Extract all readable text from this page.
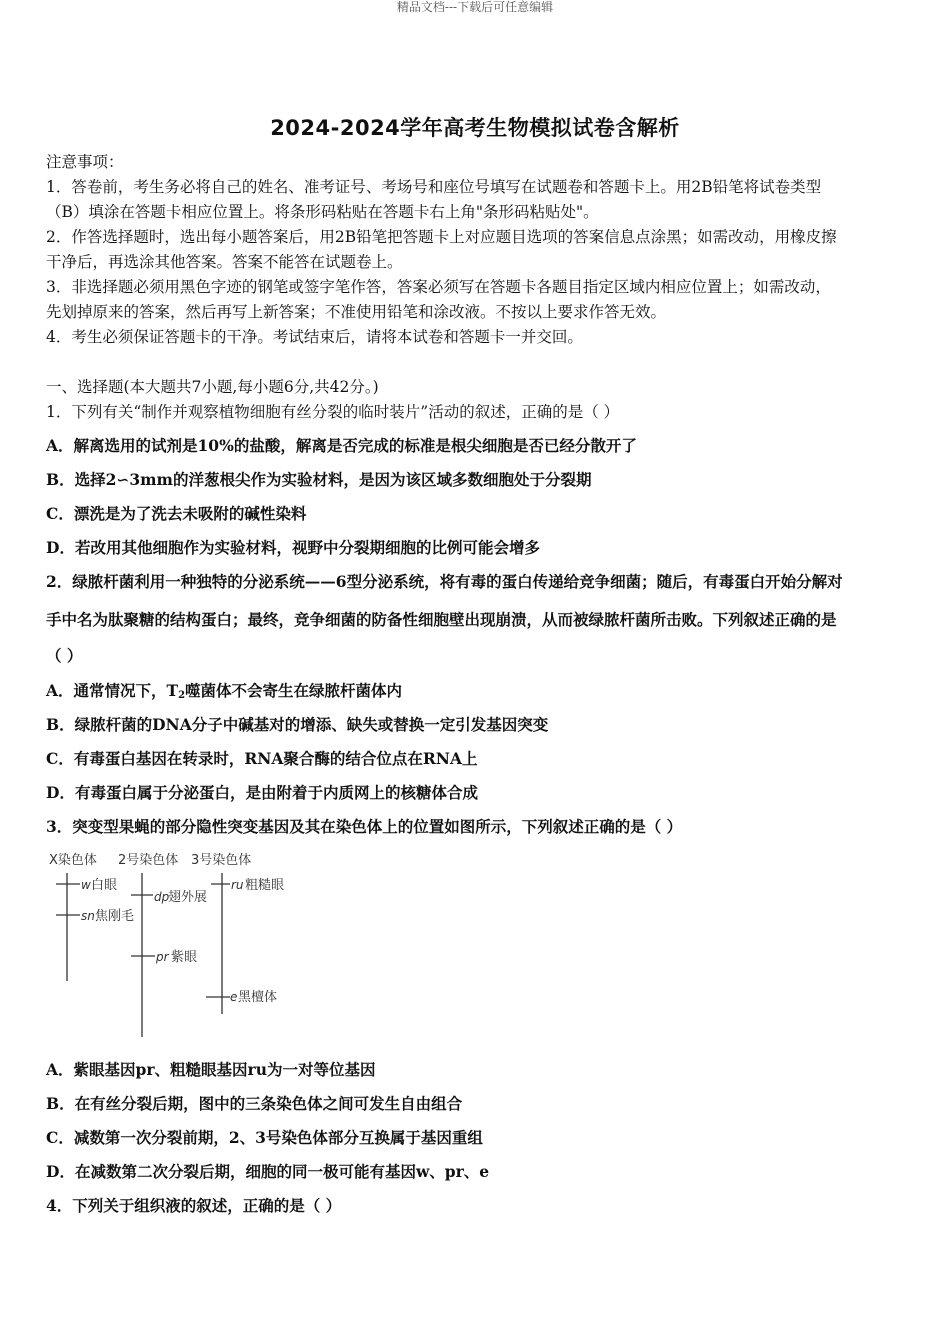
精品文档---下载后可任意编辑
2024-2024学年高考生物模拟试卷含解析
注意事项：
1．答卷前，考生务必将自己的姓名、准考证号、考场号和座位号填写在试题卷和答题卡上。用2B铅笔将试卷类型
（B）填涂在答题卡相应位置上。将条形码粘贴在答题卡右上角"条形码粘贴处"。
2．作答选择题时，选出每小题答案后，用2B铅笔把答题卡上对应题目选项的答案信息点涂黑；如需改动，用橡皮擦
干净后，再选涂其他答案。答案不能答在试题卷上。
3．非选择题必须用黑色字迹的钢笔或签字笔作答，答案必须写在答题卡各题目指定区域内相应位置上；如需改动，
先划掉原来的答案，然后再写上新答案；不准使用铅笔和涂改液。不按以上要求作答无效。
4．考生必须保证答题卡的干净。考试结束后，请将本试卷和答题卡一并交回。
一、选择题(本大题共7小题,每小题6分,共42分。)
1．下列有关“制作并观察植物细胞有丝分裂的临时装片”活动的叙述，正确的是（ ）
A．解离选用的试剂是10%的盐酸，解离是否完成的标准是根尖细胞是否已经分散开了
B．选择2∽3mm的洋葱根尖作为实验材料，是因为该区域多数细胞处于分裂期
C．漂洗是为了洗去未吸附的碱性染料
D．若改用其他细胞作为实验材料，视野中分裂期细胞的比例可能会增多
2．绿脓杆菌利用一种独特的分泌系统——6型分泌系统，将有毒的蛋白传递给竞争细菌；随后，有毒蛋白开始分解对
手中名为肽聚糖的结构蛋白；最终，竞争细菌的防备性细胞壁出现崩溃，从而被绿脓杆菌所击败。下列叙述正确的是
（ ）
A．通常情况下，$T_2$噬菌体不会寄生在绿脓杆菌体内
B．绿脓杆菌的DNA分子中碱基对的增添、缺失或替换一定引发基因突变
C．有毒蛋白基因在转录时，RNA聚合酶的结合位点在RNA上
D．有毒蛋白属于分泌蛋白，是由附着于内质网上的核糖体合成
3．突变型果蝇的部分隐性突变基因及其在染色体上的位置如图所示，下列叙述正确的是（ ）
X染色体 2号染色体 3号染色体
w 白眼
sn 焦刚毛
dp
翅外展
pr 紫眼
ru 粗糙眼
e 黑檀体
A．紫眼基因pr、粗糙眼基因ru为一对等位基因
B．在有丝分裂后期，图中的三条染色体之间可发生自由组合
C．减数第一次分裂前期，2、3号染色体部分互换属于基因重组
D．在减数第二次分裂后期，细胞的同一极可能有基因w、pr、e
4．下列关于组织液的叙述，正确的是（ ）
